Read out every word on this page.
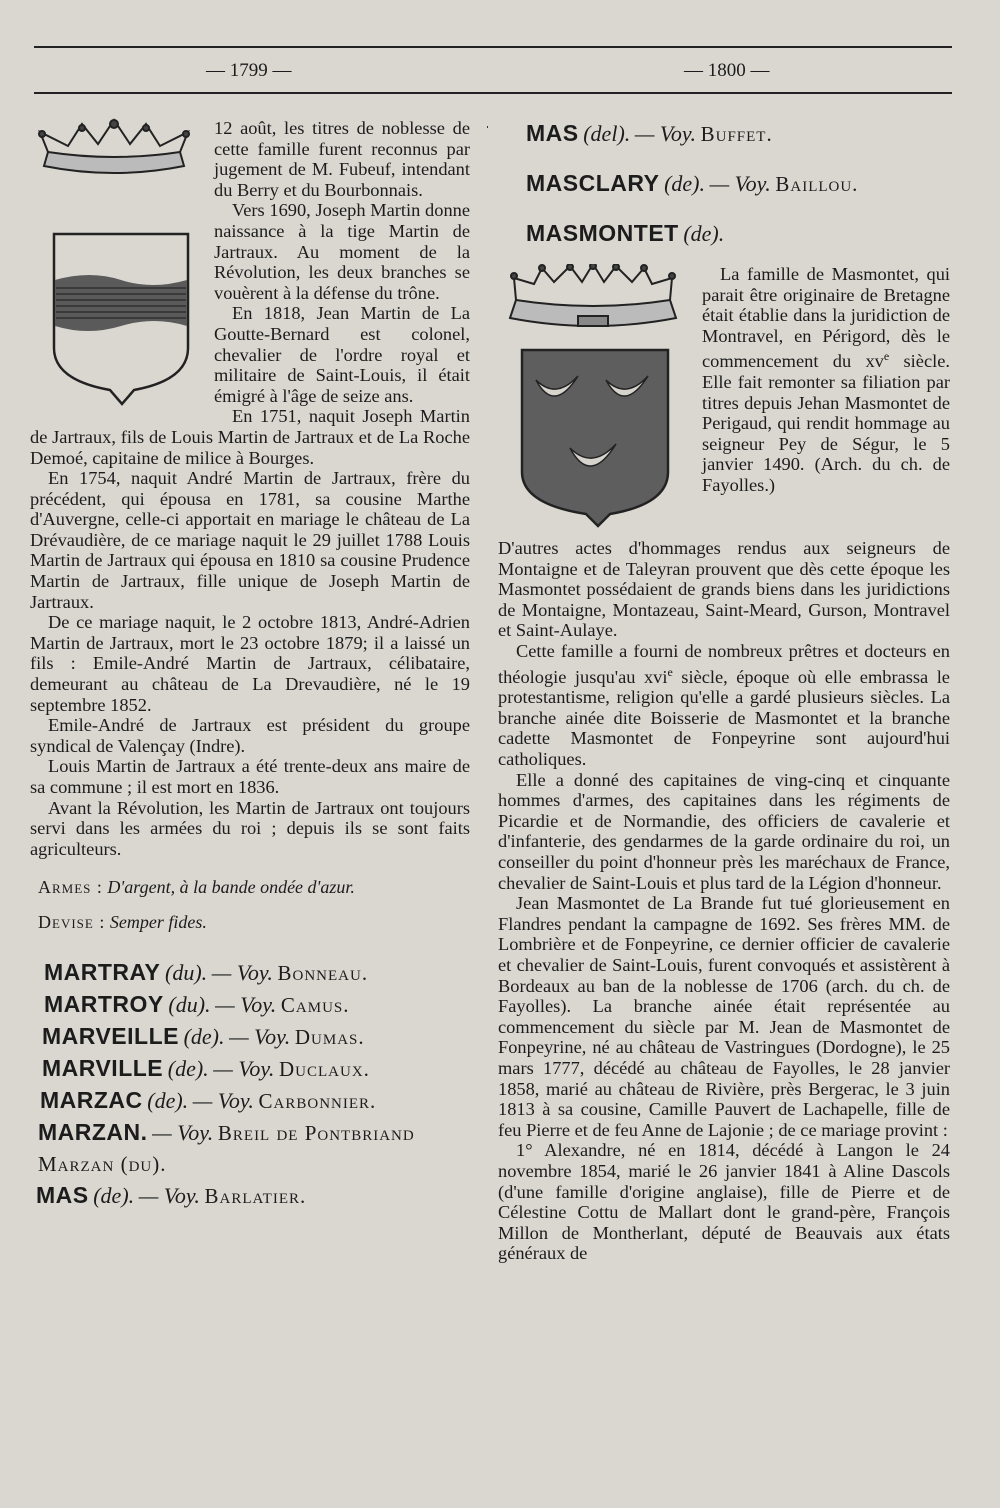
— 1799 —	— 1800 —

12 août, les titres de noblesse de cette famille furent reconnus par jugement de M. Fubeuf, intendant du Berry et du Bourbonnais.

Vers 1690, Joseph Martin donne naissance à la tige Martin de Jartraux. Au moment de la Révolution, les deux branches se vouèrent à la défense du trône.

En 1818, Jean Martin de La Goutte-Bernard est colonel, chevalier de l'ordre royal et militaire de Saint-Louis, il était émigré à l'âge de seize ans.

En 1751, naquit Joseph Martin de Jartraux, fils de Louis Martin de Jartraux et de La Roche Demoé, capitaine de milice à Bourges.

En 1754, naquit André Martin de Jartraux, frère du précédent, qui épousa en 1781, sa cousine Marthe d'Auvergne, celle-ci apportait en mariage le château de La Drévaudière, de ce mariage naquit le 29 juillet 1788 Louis Martin de Jartraux qui épousa en 1810 sa cousine Prudence Martin de Jartraux, fille unique de Joseph Martin de Jartraux.

De ce mariage naquit, le 2 octobre 1813, André-Adrien Martin de Jartraux, mort le 23 octobre 1879; il a laissé un fils : Emile-André Martin de Jartraux, célibataire, demeurant au château de La Drevaudière, né le 19 septembre 1852.

Emile-André de Jartraux est président du groupe syndical de Valençay (Indre).

Louis Martin de Jartraux a été trente-deux ans maire de sa commune ; il est mort en 1836.

Avant la Révolution, les Martin de Jartraux ont toujours servi dans les armées du roi ; depuis ils se sont faits agriculteurs.

Armes : D'argent, à la bande ondée d'azur.

Devise : Semper fides.

MARTRAY (du). — Voy. Bonneau.

MARTROY (du). — Voy. Camus.

MARVEILLE (de). — Voy. Dumas.

MARVILLE (de). — Voy. Duclaux.

MARZAC (de). — Voy. Carbonnier.

MARZAN. — Voy. Breil de Pontbriand Marzan (du).

MAS (de). — Voy. Barlatier.

MAS (del). — Voy. Buffet.

MASCLARY (de). — Voy. Baillou.

MASMONTET (de).

La famille de Masmontet, qui parait être originaire de Bretagne était établie dans la juridiction de Montravel, en Périgord, dès le commencement du $xv^e$ siècle. Elle fait remonter sa filiation par titres depuis Jehan Masmontet de Perigaud, qui rendit hommage au seigneur Pey de Ségur, le 5 janvier 1490. (Arch. du ch. de Fayolles.)

D'autres actes d'hommages rendus aux seigneurs de Montaigne et de Taleyran prouvent que dès cette époque les Masmontet possédaient de grands biens dans les juridictions de Montaigne, Montazeau, Saint-Meard, Gurson, Montravel et Saint-Aulaye.

Cette famille a fourni de nombreux prêtres et docteurs en théologie jusqu'au xvi$^e$ siècle, époque où elle embrassa le protestantisme, religion qu'elle a gardé plusieurs siècles. La branche ainée dite Boisserie de Masmontet et la branche cadette Masmontet de Fonpeyrine sont aujourd'hui catholiques.

Elle a donné des capitaines de ving-cinq et cinquante hommes d'armes, des capitaines dans les régiments de Picardie et de Normandie, des officiers de cavalerie et d'infanterie, des gendarmes de la garde ordinaire du roi, un conseiller du point d'honneur près les maréchaux de France, chevalier de Saint-Louis et plus tard de la Légion d'honneur.

Jean Masmontet de La Brande fut tué glorieusement en Flandres pendant la campagne de 1692. Ses frères MM. de Lombrière et de Fonpeyrine, ce dernier officier de cavalerie et chevalier de Saint-Louis, furent convoqués et assistèrent à Bordeaux au ban de la noblesse de 1706 (arch. du ch. de Fayolles). La branche ainée était représentée au commencement du siècle par M. Jean de Masmontet de Fonpeyrine, né au château de Vastringues (Dordogne), le 25 mars 1777, décédé au château de Fayolles, le 28 janvier 1858, marié au château de Rivière, près Bergerac, le 3 juin 1813 à sa cousine, Camille Pauvert de Lachapelle, fille de feu Pierre et de feu Anne de Lajonie ; de ce mariage provint :

1° Alexandre, né en 1814, décédé à Langon le 24 novembre 1854, marié le 26 janvier 1841 à Aline Dascols (d'une famille d'origine anglaise), fille de Pierre et de Célestine Cottu de Mallart dont le grand-père, François Millon de Montherlant, député de Beauvais aux états généraux de
